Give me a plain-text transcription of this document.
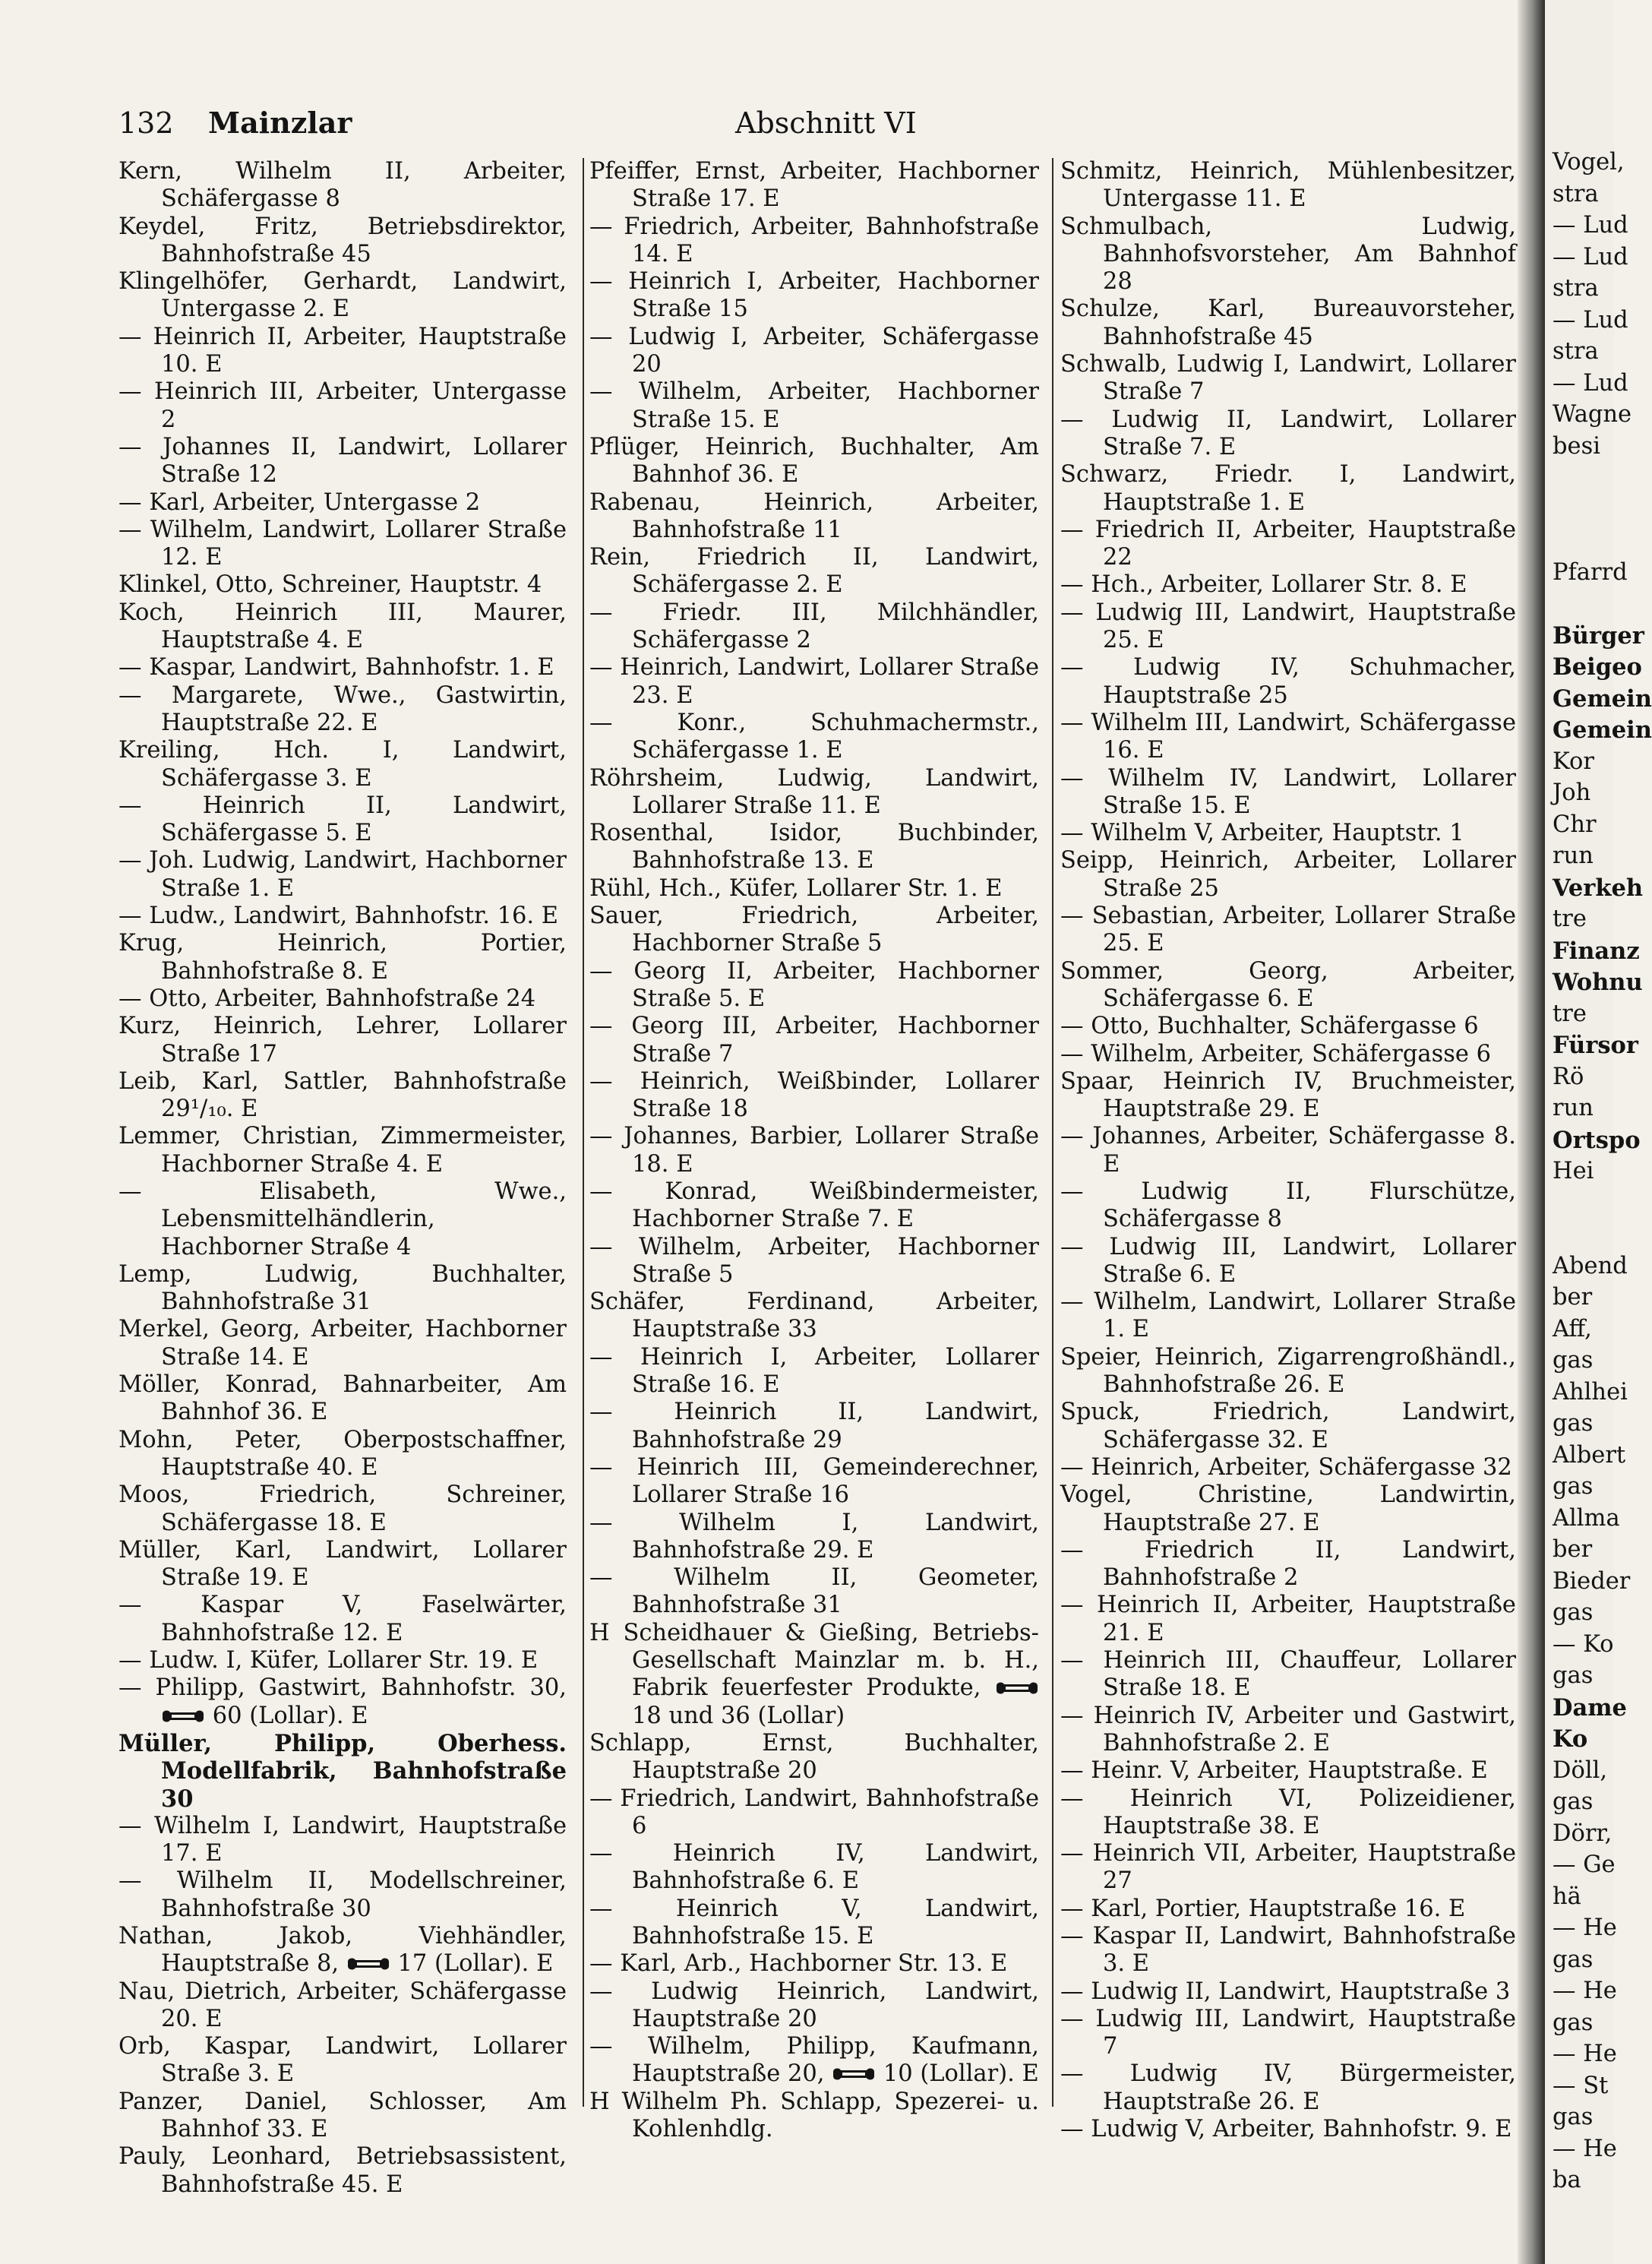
132 Mainzlar	Abschnitt VI

Kern, Wilhelm II, Arbeiter, Schäfergasse 8

Keydel, Fritz, Betriebsdirektor, Bahnhofstraße 45

Klingelhöfer, Gerhardt, Landwirt, Untergasse 2. E

— Heinrich II, Arbeiter, Hauptstraße 10. E

— Heinrich III, Arbeiter, Untergasse 2

— Johannes II, Landwirt, Lollarer Straße 12

— Karl, Arbeiter, Untergasse 2

— Wilhelm, Landwirt, Lollarer Straße 12. E

Klinkel, Otto, Schreiner, Hauptstr. 4

Koch, Heinrich III, Maurer, Hauptstraße 4. E

— Kaspar, Landwirt, Bahnhofstr. 1. E

— Margarete, Wwe., Gastwirtin, Hauptstraße 22. E

Kreiling, Hch. I, Landwirt, Schäfergasse 3. E

— Heinrich II, Landwirt, Schäfergasse 5. E

— Joh. Ludwig, Landwirt, Hachborner Straße 1. E

— Ludw., Landwirt, Bahnhofstr. 16. E

Krug, Heinrich, Portier, Bahnhofstraße 8. E

— Otto, Arbeiter, Bahnhofstraße 24

Kurz, Heinrich, Lehrer, Lollarer Straße 17

Leib, Karl, Sattler, Bahnhofstraße 29¹/₁₀. E

Lemmer, Christian, Zimmermeister, Hachborner Straße 4. E

— Elisabeth, Wwe., Lebensmittelhändlerin, Hachborner Straße 4

Lemp, Ludwig, Buchhalter, Bahnhofstraße 31

Merkel, Georg, Arbeiter, Hachborner Straße 14. E

Möller, Konrad, Bahnarbeiter, Am Bahnhof 36. E

Mohn, Peter, Oberpostschaffner, Hauptstraße 40. E

Moos, Friedrich, Schreiner, Schäfergasse 18. E

Müller, Karl, Landwirt, Lollarer Straße 19. E

— Kaspar V, Faselwärter, Bahnhofstraße 12. E

— Ludw. I, Küfer, Lollarer Str. 19. E

— Philipp, Gastwirt, Bahnhofstr. 30,  60 (Lollar). E

Müller, Philipp, Oberhess. Modellfabrik, Bahnhofstraße 30

— Wilhelm I, Landwirt, Hauptstraße 17. E

— Wilhelm II, Modellschreiner, Bahnhofstraße 30

Nathan, Jakob, Viehhändler, Hauptstraße 8,  17 (Lollar). E

Nau, Dietrich, Arbeiter, Schäfergasse 20. E

Orb, Kaspar, Landwirt, Lollarer Straße 3. E

Panzer, Daniel, Schlosser, Am Bahnhof 33. E

Pauly, Leonhard, Betriebsassistent, Bahnhofstraße 45. E

Pfeiffer, Ernst, Arbeiter, Hachborner Straße 17. E

— Friedrich, Arbeiter, Bahnhofstraße 14. E

— Heinrich I, Arbeiter, Hachborner Straße 15

— Ludwig I, Arbeiter, Schäfergasse 20

— Wilhelm, Arbeiter, Hachborner Straße 15. E

Pflüger, Heinrich, Buchhalter, Am Bahnhof 36. E

Rabenau, Heinrich, Arbeiter, Bahnhofstraße 11

Rein, Friedrich II, Landwirt, Schäfergasse 2. E

— Friedr. III, Milchhändler, Schäfergasse 2

— Heinrich, Landwirt, Lollarer Straße 23. E

— Konr., Schuhmachermstr., Schäfergasse 1. E

Röhrsheim, Ludwig, Landwirt, Lollarer Straße 11. E

Rosenthal, Isidor, Buchbinder, Bahnhofstraße 13. E

Rühl, Hch., Küfer, Lollarer Str. 1. E

Sauer, Friedrich, Arbeiter, Hachborner Straße 5

— Georg II, Arbeiter, Hachborner Straße 5. E

— Georg III, Arbeiter, Hachborner Straße 7

— Heinrich, Weißbinder, Lollarer Straße 18

— Johannes, Barbier, Lollarer Straße 18. E

— Konrad, Weißbindermeister, Hachborner Straße 7. E

— Wilhelm, Arbeiter, Hachborner Straße 5

Schäfer, Ferdinand, Arbeiter, Hauptstraße 33

— Heinrich I, Arbeiter, Lollarer Straße 16. E

— Heinrich II, Landwirt, Bahnhofstraße 29

— Heinrich III, Gemeinderechner, Lollarer Straße 16

— Wilhelm I, Landwirt, Bahnhofstraße 29. E

— Wilhelm II, Geometer, Bahnhofstraße 31

H Scheidhauer & Gießing, Betriebs-Gesellschaft Mainzlar m. b. H., Fabrik feuerfester Produkte,  18 und 36 (Lollar)

Schlapp, Ernst, Buchhalter, Hauptstraße 20

— Friedrich, Landwirt, Bahnhofstraße 6

— Heinrich IV, Landwirt, Bahnhofstraße 6. E

— Heinrich V, Landwirt, Bahnhofstraße 15. E

— Karl, Arb., Hachborner Str. 13. E

— Ludwig Heinrich, Landwirt, Hauptstraße 20

— Wilhelm, Philipp, Kaufmann, Hauptstraße 20,  10 (Lollar). E

H Wilhelm Ph. Schlapp, Spezerei- u. Kohlenhdlg.

Schmitz, Heinrich, Mühlenbesitzer, Untergasse 11. E

Schmulbach, Ludwig, Bahnhofsvorsteher, Am Bahnhof 28

Schulze, Karl, Bureauvorsteher, Bahnhofstraße 45

Schwalb, Ludwig I, Landwirt, Lollarer Straße 7

— Ludwig II, Landwirt, Lollarer Straße 7. E

Schwarz, Friedr. I, Landwirt, Hauptstraße 1. E

— Friedrich II, Arbeiter, Hauptstraße 22

— Hch., Arbeiter, Lollarer Str. 8. E

— Ludwig III, Landwirt, Hauptstraße 25. E

— Ludwig IV, Schuhmacher, Hauptstraße 25

— Wilhelm III, Landwirt, Schäfergasse 16. E

— Wilhelm IV, Landwirt, Lollarer Straße 15. E

— Wilhelm V, Arbeiter, Hauptstr. 1

Seipp, Heinrich, Arbeiter, Lollarer Straße 25

— Sebastian, Arbeiter, Lollarer Straße 25. E

Sommer, Georg, Arbeiter, Schäfergasse 6. E

— Otto, Buchhalter, Schäfergasse 6

— Wilhelm, Arbeiter, Schäfergasse 6

Spaar, Heinrich IV, Bruchmeister, Hauptstraße 29. E

— Johannes, Arbeiter, Schäfergasse 8. E

— Ludwig II, Flurschütze, Schäfergasse 8

— Ludwig III, Landwirt, Lollarer Straße 6. E

— Wilhelm, Landwirt, Lollarer Straße 1. E

Speier, Heinrich, Zigarrengroßhändl., Bahnhofstraße 26. E

Spuck, Friedrich, Landwirt, Schäfergasse 32. E

— Heinrich, Arbeiter, Schäfergasse 32

Vogel, Christine, Landwirtin, Hauptstraße 27. E

— Friedrich II, Landwirt, Bahnhofstraße 2

— Heinrich II, Arbeiter, Hauptstraße 21. E

— Heinrich III, Chauffeur, Lollarer Straße 18. E

— Heinrich IV, Arbeiter und Gastwirt, Bahnhofstraße 2. E

— Heinr. V, Arbeiter, Hauptstraße. E

— Heinrich VI, Polizeidiener, Hauptstraße 38. E

— Heinrich VII, Arbeiter, Hauptstraße 27

— Karl, Portier, Hauptstraße 16. E

— Kaspar II, Landwirt, Bahnhofstraße 3. E

— Ludwig II, Landwirt, Hauptstraße 3

— Ludwig III, Landwirt, Hauptstraße 7

— Ludwig IV, Bürgermeister, Hauptstraße 26. E

— Ludwig V, Arbeiter, Bahnhofstr. 9. E

Vogel,
stra
— Lud
— Lud
stra
— Lud
stra
— Lud
Wagne
besi
Pfarrd
Bürger
Beigeo
Gemein
Gemein
Kor
Joh
Chr
run
Verkeh
tre
Finanz
Wohnu
tre
Fürsor
Rö
run
Ortspo
Hei
Abend
ber
Aff,
gas
Ahlhei
gas
Albert
gas
Allma
ber
Bieder
gas
— Ko
gas
Dame
Ko
Döll,
gas
Dörr,
— Ge
hä
— He
gas
— He
gas
— He
— St
gas
— He
ba
